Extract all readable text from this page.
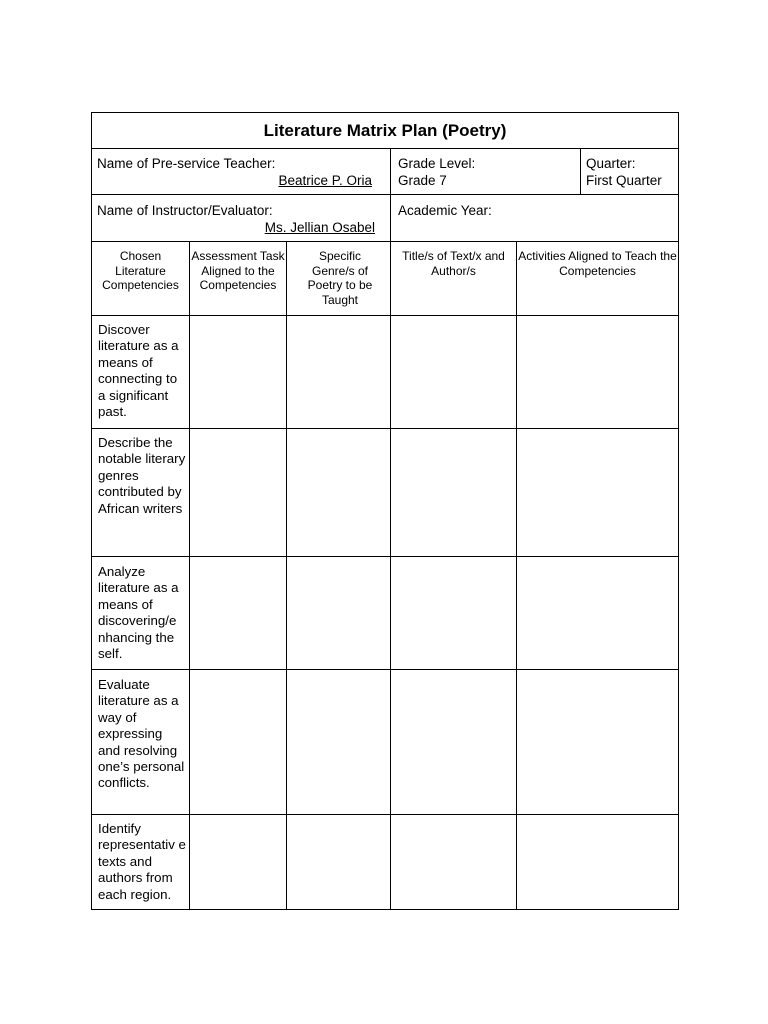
Literature Matrix Plan (Poetry)
Name of Pre-service Teacher:
Beatrice P. Oria
Grade Level:
Grade 7
Quarter:
First Quarter
Name of Instructor/Evaluator:
Ms. Jellian Osabel
Academic Year:
Chosen Literature Competencies
Assessment Task Aligned to the Competencies
Specific Genre/s of Poetry to be Taught
Title/s of Text/x and Author/s
Activities Aligned to Teach the Competencies
Discover literature as a means of connecting to a significant past.
Describe the notable literary genres contributed by African writers
Analyze literature as a means of discovering/e nhancing the self.
Evaluate literature as a way of expressing and resolving one’s personal conflicts.
Identify representativ e texts and authors from each region.
